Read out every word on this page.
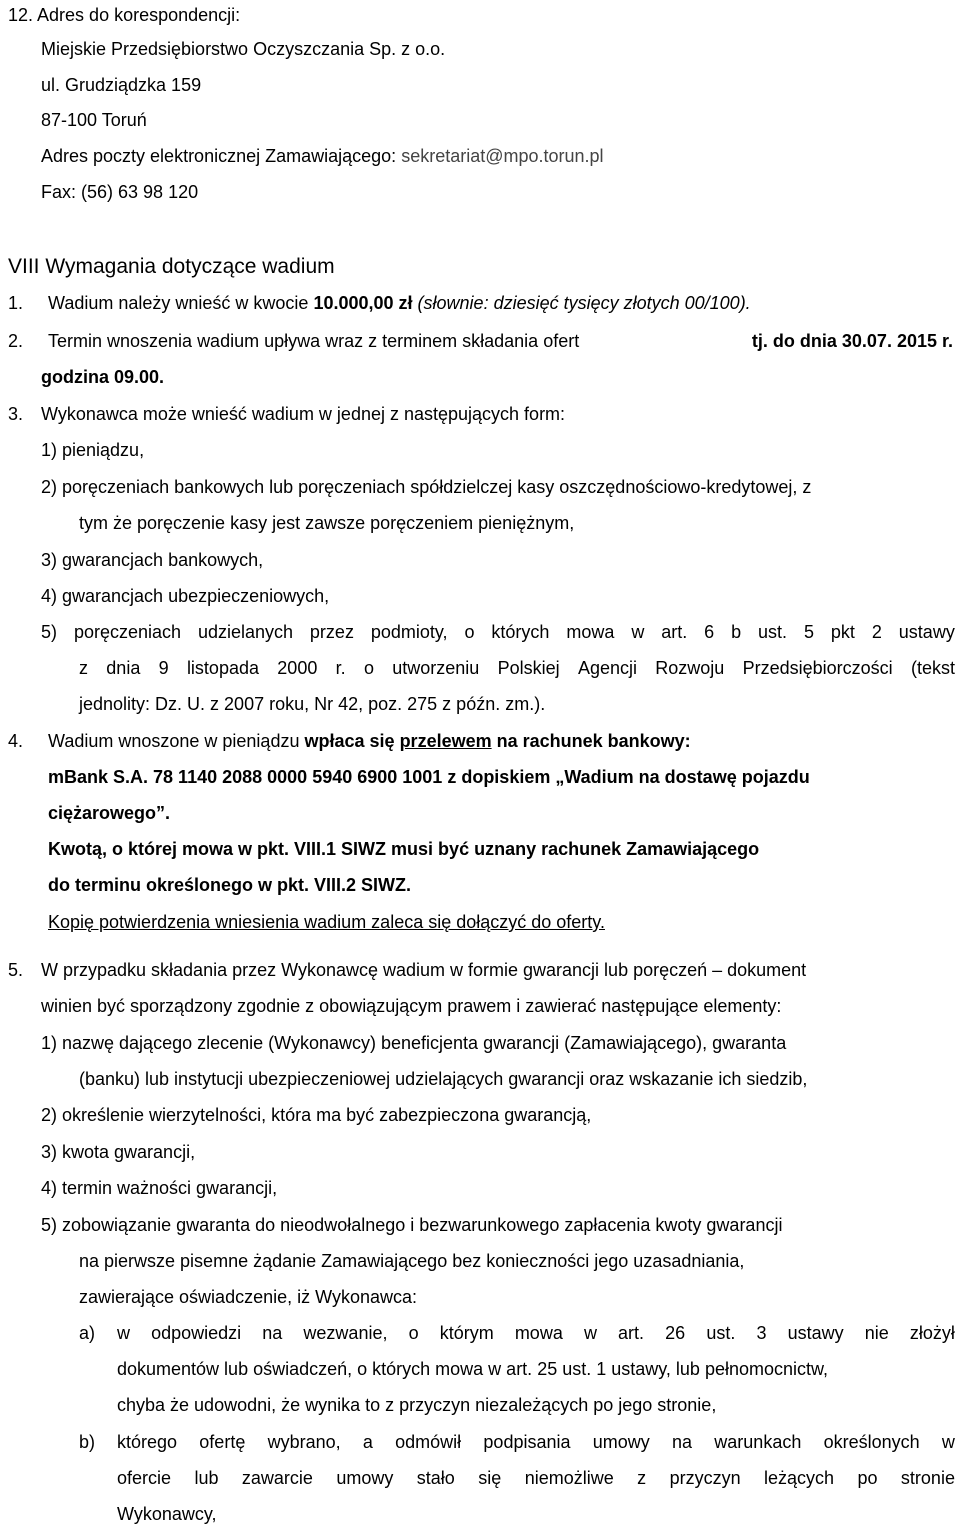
12. Adres do korespondencji:
Miejskie Przedsiębiorstwo Oczyszczania Sp. z o.o.
ul. Grudziądzka 159
87-100 Toruń
Adres poczty elektronicznej Zamawiającego: sekretariat@mpo.torun.pl
Fax: (56) 63 98 120
VIII Wymagania dotyczące wadium
1. Wadium należy wnieść w kwocie 10.000,00 zł (słownie: dziesięć tysięcy złotych 00/100).
2. Termin wnoszenia wadium upływa wraz z terminem składania ofert	tj. do dnia 30.07. 2015 r.
godzina 09.00.
3. Wykonawca może wnieść wadium w jednej z następujących form:
1) pieniądzu,
2) poręczeniach bankowych lub poręczeniach spółdzielczej kasy oszczędnościowo-kredytowej, z
tym że poręczenie kasy jest zawsze poręczeniem pieniężnym,
3) gwarancjach bankowych,
4) gwarancjach ubezpieczeniowych,
5) poręczeniach udzielanych przez podmioty, o których mowa w art. 6 b ust. 5 pkt 2 ustawy
z dnia 9 listopada 2000 r. o utworzeniu Polskiej Agencji Rozwoju Przedsiębiorczości (tekst
jednolity: Dz. U. z 2007 roku, Nr 42, poz. 275 z późn. zm.).
4. Wadium wnoszone w pieniądzu wpłaca się przelewem na rachunek bankowy:
mBank S.A. 78 1140 2088 0000 5940 6900 1001 z dopiskiem „Wadium na dostawę pojazdu
ciężarowego”.
Kwotą, o której mowa w pkt. VIII.1 SIWZ musi być uznany rachunek Zamawiającego
do terminu określonego w pkt. VIII.2 SIWZ.
Kopię potwierdzenia wniesienia wadium zaleca się dołączyć do oferty.
5. W przypadku składania przez Wykonawcę wadium w formie gwarancji lub poręczeń – dokument
winien być sporządzony zgodnie z obowiązującym prawem i zawierać następujące elementy:
1) nazwę dającego zlecenie (Wykonawcy) beneficjenta gwarancji (Zamawiającego), gwaranta
(banku) lub instytucji ubezpieczeniowej udzielających gwarancji oraz wskazanie ich siedzib,
2) określenie wierzytelności, która ma być zabezpieczona gwarancją,
3) kwota gwarancji,
4) termin ważności gwarancji,
5) zobowiązanie gwaranta do nieodwołalnego i bezwarunkowego zapłacenia kwoty gwarancji
na pierwsze pisemne żądanie Zamawiającego bez konieczności jego uzasadniania,
zawierające oświadczenie, iż Wykonawca:
a) w odpowiedzi na wezwanie, o którym mowa w art. 26 ust. 3 ustawy nie złożył
dokumentów lub oświadczeń, o których mowa w art. 25 ust. 1 ustawy, lub pełnomocnictw,
chyba że udowodni, że wynika to z przyczyn niezależących po jego stronie,
b) którego ofertę wybrano, a odmówił podpisania umowy na warunkach określonych w
ofercie lub zawarcie umowy stało się niemożliwe z przyczyn leżących po stronie
Wykonawcy,
